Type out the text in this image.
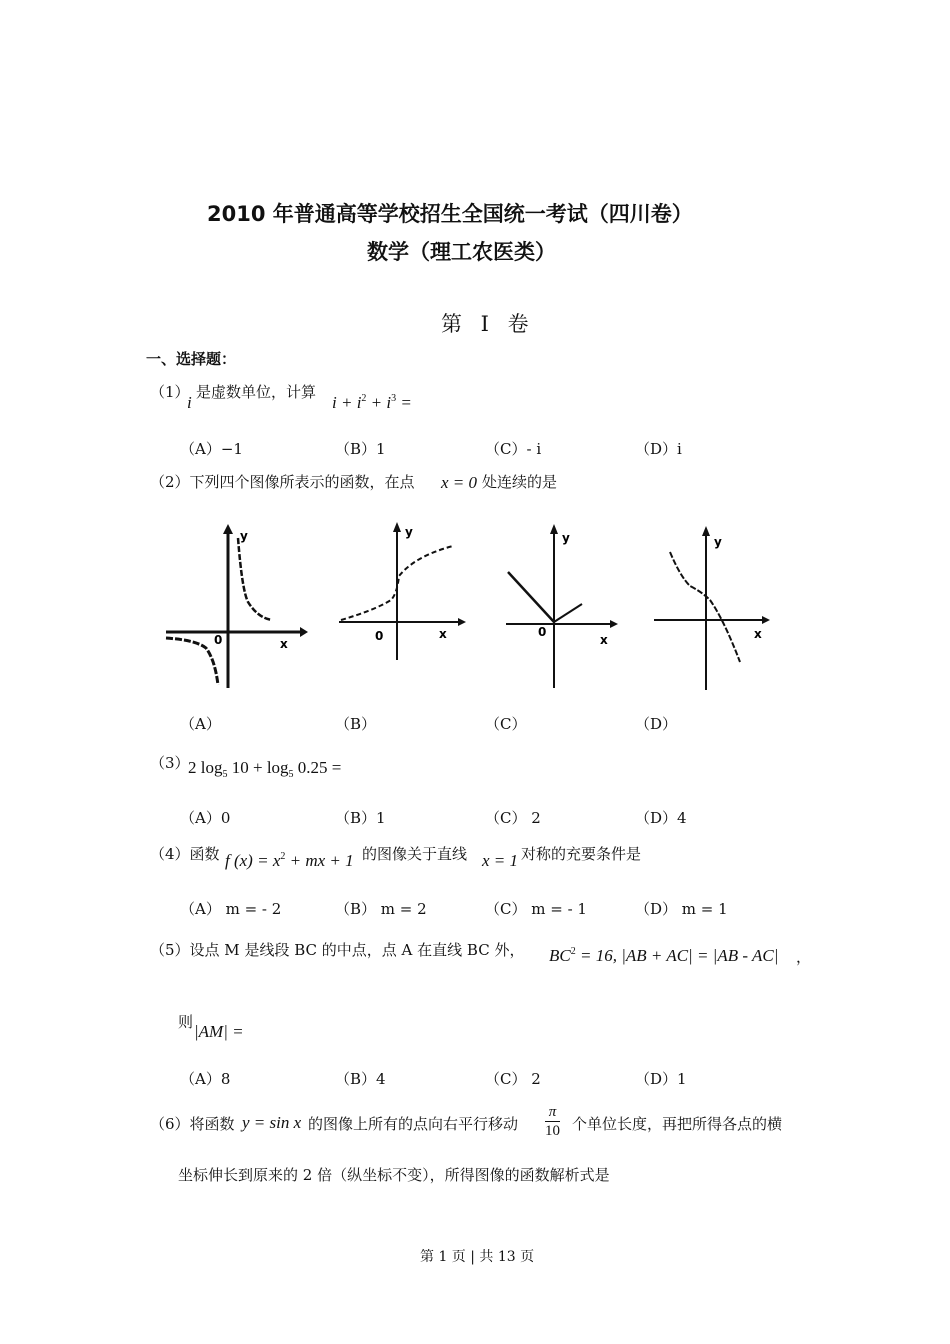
2010 年普通高等学校招生全国统一考试（四川卷）
数学（理工农医类）
第 I 卷
一、选择题：
（1）
i
是虚数单位，计算
$i + i^2 + i^3$ =
（A）−1	（B）1	（C）- i	（D）i
（2）下列四个图像所表示的函数，在点 x = 0 处连续的是
y
x
0
y
x
0
y
x
0
y
x
（A）	（B）	（C）	（D）
（3）
2 $\log_5 10 + \log_5 0.25$ =
（A）0	（B）1	（C） 2	（D）4
（4）函数 f $(x) = x^2$ + mx + 1 的图像关于直线 x = 1 对称的充要条件是
（A） m = - 2	（B） m = 2	（C） m = - 1	（D） m = 1
（5）设点 M 是线段 BC 的中点，点 A 在直线 BC 外， $BC^2 = 16$, |AB + AC| = |AB - AC| ，
则 |AM| =
（A）8	（B）4	（C） 2	（D）1
（6）将函数 y = sin x 的图像上所有的点向右平行移动 $\frac{\pi}{10}$ 个单位长度，再把所得各点的横
坐标伸长到原来的 2 倍（纵坐标不变），所得图像的函数解析式是
第 1 页 | 共 13 页
